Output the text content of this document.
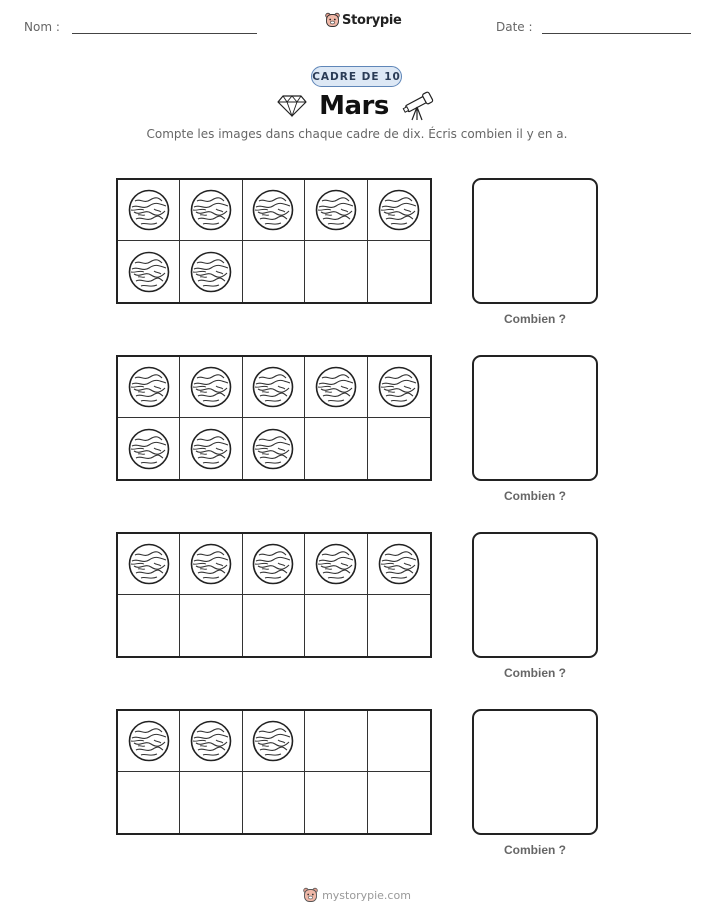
Nom :	Storypie	Date :
CADRE DE 10
Mars
Compte les images dans chaque cadre de dix. Écris combien il y en a.
Combien ?
Combien ?
Combien ?
Combien ?
mystorypie.com
